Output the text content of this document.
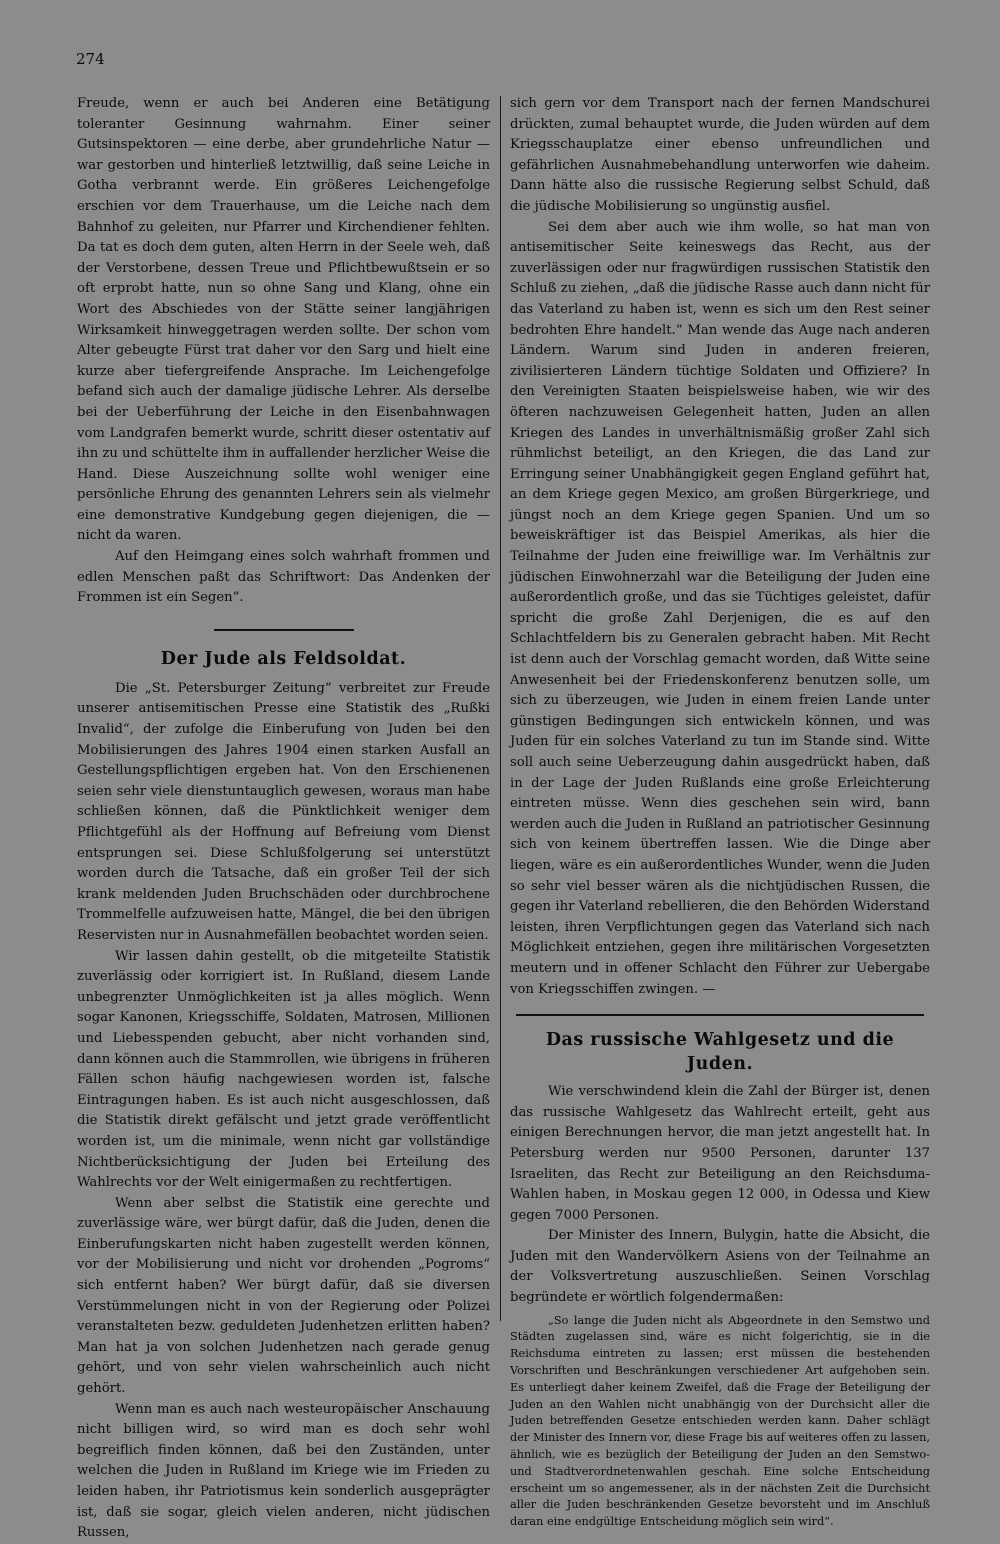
274

Freude, wenn er auch bei Anderen eine Betätigung toleranter Gesinnung wahrnahm. Einer seiner Gutsinspektoren — eine derbe, aber grundehrliche Natur — war gestorben und hinterließ letztwillig, daß seine Leiche in Gotha verbrannt werde. Ein größeres Leichengefolge erschien vor dem Trauerhause, um die Leiche nach dem Bahnhof zu geleiten, nur Pfarrer und Kirchendiener fehlten. Da tat es doch dem guten, alten Herrn in der Seele weh, daß der Verstorbene, dessen Treue und Pflichtbewußtsein er so oft erprobt hatte, nun so ohne Sang und Klang, ohne ein Wort des Abschiedes von der Stätte seiner langjährigen Wirksamkeit hinweggetragen werden sollte. Der schon vom Alter gebeugte Fürst trat daher vor den Sarg und hielt eine kurze aber tiefergreifende Ansprache. Im Leichengefolge befand sich auch der damalige jüdische Lehrer. Als derselbe bei der Ueberführung der Leiche in den Eisenbahnwagen vom Landgrafen bemerkt wurde, schritt dieser ostentativ auf ihn zu und schüttelte ihm in auffallender herzlicher Weise die Hand. Diese Auszeichnung sollte wohl weniger eine persönliche Ehrung des genannten Lehrers sein als vielmehr eine demonstrative Kundgebung gegen diejenigen, die — nicht da waren.

Auf den Heimgang eines solch wahrhaft frommen und edlen Menschen paßt das Schriftwort: Das Andenken der Frommen ist ein Segen“.

Der Jude als Feldsoldat.

Die „St. Petersburger Zeitung“ verbreitet zur Freude unserer antisemitischen Presse eine Statistik des „Rußki Invalid“, der zufolge die Einberufung von Juden bei den Mobilisierungen des Jahres 1904 einen starken Ausfall an Gestellungspflichtigen ergeben hat. Von den Erschienenen seien sehr viele dienstuntauglich gewesen, woraus man habe schließen können, daß die Pünktlichkeit weniger dem Pflichtgefühl als der Hoffnung auf Befreiung vom Dienst entsprungen sei. Diese Schlußfolgerung sei unterstützt worden durch die Tatsache, daß ein großer Teil der sich krank meldenden Juden Bruchschäden oder durchbrochene Trommelfelle aufzuweisen hatte, Mängel, die bei den übrigen Reservisten nur in Ausnahmefällen beobachtet worden seien.

Wir lassen dahin gestellt, ob die mitgeteilte Statistik zuverlässig oder korrigiert ist. In Rußland, diesem Lande unbegrenzter Unmöglichkeiten ist ja alles möglich. Wenn sogar Kanonen, Kriegsschiffe, Soldaten, Matrosen, Millionen und Liebesspenden gebucht, aber nicht vorhanden sind, dann können auch die Stammrollen, wie übrigens in früheren Fällen schon häufig nachgewiesen worden ist, falsche Eintragungen haben. Es ist auch nicht ausgeschlossen, daß die Statistik direkt gefälscht und jetzt grade veröffentlicht worden ist, um die minimale, wenn nicht gar vollständige Nichtberücksichtigung der Juden bei Erteilung des Wahlrechts vor der Welt einigermaßen zu rechtfertigen.

Wenn aber selbst die Statistik eine gerechte und zuverlässige wäre, wer bürgt dafür, daß die Juden, denen die Einberufungskarten nicht haben zugestellt werden können, vor der Mobilisierung und nicht vor drohenden „Pogroms“ sich entfernt haben? Wer bürgt dafür, daß sie diversen Verstümmelungen nicht in von der Regierung oder Polizei veranstalteten bezw. geduldeten Judenhetzen erlitten haben? Man hat ja von solchen Judenhetzen nach gerade genug gehört, und von sehr vielen wahrscheinlich auch nicht gehört.

Wenn man es auch nach westeuropäischer Anschauung nicht billigen wird, so wird man es doch sehr wohl begreiflich finden können, daß bei den Zuständen, unter welchen die Juden in Rußland im Kriege wie im Frieden zu leiden haben, ihr Patriotismus kein sonderlich ausgeprägter ist, daß sie sogar, gleich vielen anderen, nicht jüdischen Russen,

sich gern vor dem Transport nach der fernen Mandschurei drückten, zumal behauptet wurde, die Juden würden auf dem Kriegsschauplatze einer ebenso unfreundlichen und gefährlichen Ausnahmebehandlung unterworfen wie daheim. Dann hätte also die russische Regierung selbst Schuld, daß die jüdische Mobilisierung so ungünstig ausfiel.

Sei dem aber auch wie ihm wolle, so hat man von antisemitischer Seite keineswegs das Recht, aus der zuverlässigen oder nur fragwürdigen russischen Statistik den Schluß zu ziehen, „daß die jüdische Rasse auch dann nicht für das Vaterland zu haben ist, wenn es sich um den Rest seiner bedrohten Ehre handelt.“ Man wende das Auge nach anderen Ländern. Warum sind Juden in anderen freieren, zivilisierteren Ländern tüchtige Soldaten und Offiziere? In den Vereinigten Staaten beispielsweise haben, wie wir des öfteren nachzuweisen Gelegenheit hatten, Juden an allen Kriegen des Landes in unverhältnismäßig großer Zahl sich rühmlichst beteiligt, an den Kriegen, die das Land zur Erringung seiner Unabhängigkeit gegen England geführt hat, an dem Kriege gegen Mexico, am großen Bürgerkriege, und jüngst noch an dem Kriege gegen Spanien. Und um so beweiskräftiger ist das Beispiel Amerikas, als hier die Teilnahme der Juden eine freiwillige war. Im Verhältnis zur jüdischen Einwohnerzahl war die Beteiligung der Juden eine außerordentlich große, und das sie Tüchtiges geleistet, dafür spricht die große Zahl Derjenigen, die es auf den Schlachtfeldern bis zu Generalen gebracht haben. Mit Recht ist denn auch der Vorschlag gemacht worden, daß Witte seine Anwesenheit bei der Friedenskonferenz benutzen solle, um sich zu überzeugen, wie Juden in einem freien Lande unter günstigen Bedingungen sich entwickeln können, und was Juden für ein solches Vaterland zu tun im Stande sind. Witte soll auch seine Ueberzeugung dahin ausgedrückt haben, daß in der Lage der Juden Rußlands eine große Erleichterung eintreten müsse. Wenn dies geschehen sein wird, bann werden auch die Juden in Rußland an patriotischer Gesinnung sich von keinem übertreffen lassen. Wie die Dinge aber liegen, wäre es ein außerordentliches Wunder, wenn die Juden so sehr viel besser wären als die nichtjüdischen Russen, die gegen ihr Vaterland rebellieren, die den Behörden Widerstand leisten, ihren Verpflichtungen gegen das Vaterland sich nach Möglichkeit entziehen, gegen ihre militärischen Vorgesetzten meutern und in offener Schlacht den Führer zur Uebergabe von Kriegsschiffen zwingen. —

Das russische Wahlgesetz und die Juden.

Wie verschwindend klein die Zahl der Bürger ist, denen das russische Wahlgesetz das Wahlrecht erteilt, geht aus einigen Berechnungen hervor, die man jetzt angestellt hat. In Petersburg werden nur 9500 Personen, darunter 137 Israeliten, das Recht zur Beteiligung an den Reichsduma-Wahlen haben, in Moskau gegen 12 000, in Odessa und Kiew gegen 7000 Personen.

Der Minister des Innern, Bulygin, hatte die Absicht, die Juden mit den Wandervölkern Asiens von der Teilnahme an der Volksvertretung auszuschließen. Seinen Vorschlag begründete er wörtlich folgendermaßen:

„So lange die Juden nicht als Abgeordnete in den Semstwo und Städten zugelassen sind, wäre es nicht folgerichtig, sie in die Reichsduma eintreten zu lassen; erst müssen die bestehenden Vorschriften und Beschränkungen verschiedener Art aufgehoben sein. Es unterliegt daher keinem Zweifel, daß die Frage der Beteiligung der Juden an den Wahlen nicht unabhängig von der Durchsicht aller die Juden betreffenden Gesetze entschieden werden kann. Daher schlägt der Minister des Innern vor, diese Frage bis auf weiteres offen zu lassen, ähnlich, wie es bezüglich der Beteiligung der Juden an den Semstwo- und Stadtverordnetenwahlen geschah. Eine solche Entscheidung erscheint um so angemessener, als in der nächsten Zeit die Durchsicht aller die Juden beschränkenden Gesetze bevorsteht und im Anschluß daran eine endgültige Entscheidung möglich sein wird“.
